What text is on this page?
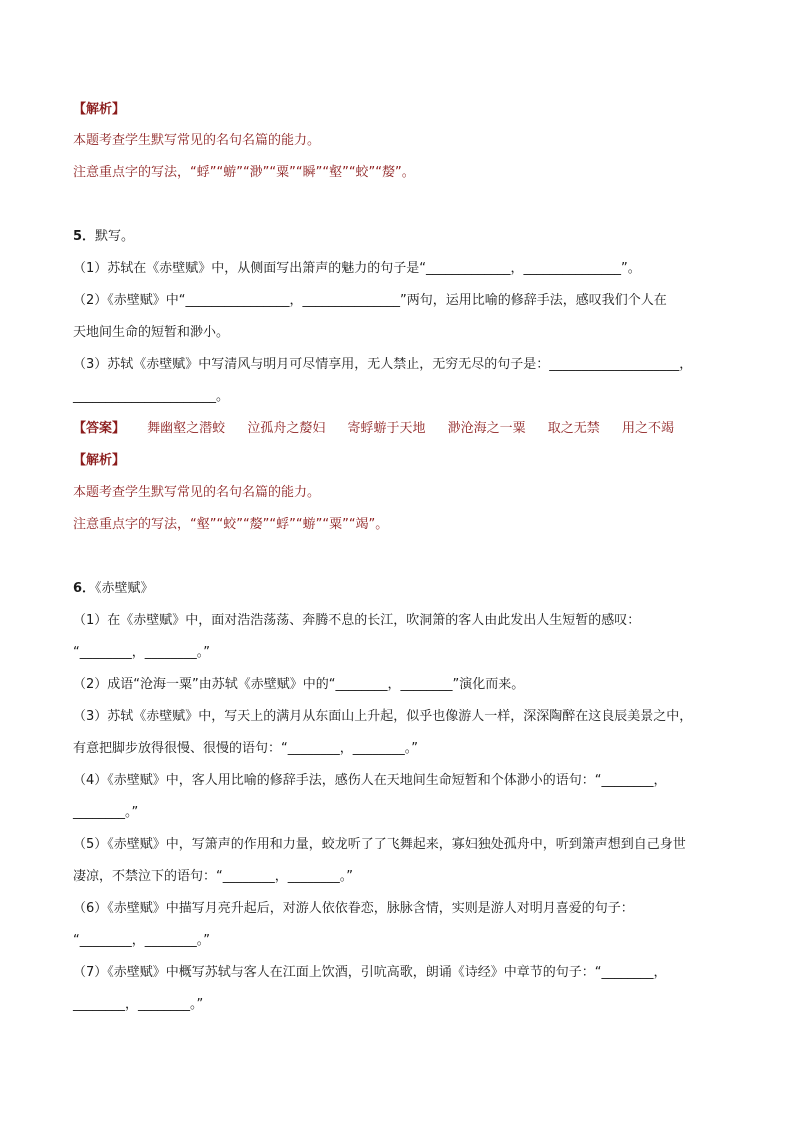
【解析】
本题考查学生默写常见的名句名篇的能力。
注意重点字的写法，“蜉”“蝣”“渺”“粟”“瞬”“壑”“蛟”“嫠”。
5．默写。
（1）苏轼在《赤壁赋》中，从侧面写出箫声的魅力的句子是“_____________，_______________”。
（2）《赤壁赋》中“________________，_______________”两句，运用比喻的修辞手法，感叹我们个人在
天地间生命的短暂和渺小。
（3）苏轼《赤壁赋》中写清风与明月可尽情享用，无人禁止，无穷无尽的句子是：____________________，
______________________。
【答案】 舞幽壑之潜蛟 泣孤舟之嫠妇 寄蜉蝣于天地 渺沧海之一粟 取之无禁 用之不竭
【解析】
本题考查学生默写常见的名句名篇的能力。
注意重点字的写法，“壑”“蛟”“嫠”“蜉”“蝣”“粟”“竭”。
6．《赤壁赋》
（1）在《赤壁赋》中，面对浩浩荡荡、奔腾不息的长江，吹洞箫的客人由此发出人生短暂的感叹：
“________，________。”
（2）成语“沧海一粟”由苏轼《赤壁赋》中的“________，________”演化而来。
（3）苏轼《赤壁赋》中，写天上的满月从东面山上升起，似乎也像游人一样，深深陶醉在这良辰美景之中，
有意把脚步放得很慢、很慢的语句：“________，________。”
（4）《赤壁赋》中，客人用比喻的修辞手法，感伤人在天地间生命短暂和个体渺小的语句：“________，
________。”
（5）《赤壁赋》中，写箫声的作用和力量，蛟龙听了了飞舞起来，寡妇独处孤舟中，听到箫声想到自己身世
凄凉，不禁泣下的语句：“________，________。”
（6）《赤壁赋》中描写月亮升起后，对游人依依眷恋，脉脉含情，实则是游人对明月喜爱的句子：
“________，________。”
（7）《赤壁赋》中概写苏轼与客人在江面上饮酒，引吭高歌，朗诵《诗经》中章节的句子：“________，
________，________。”
